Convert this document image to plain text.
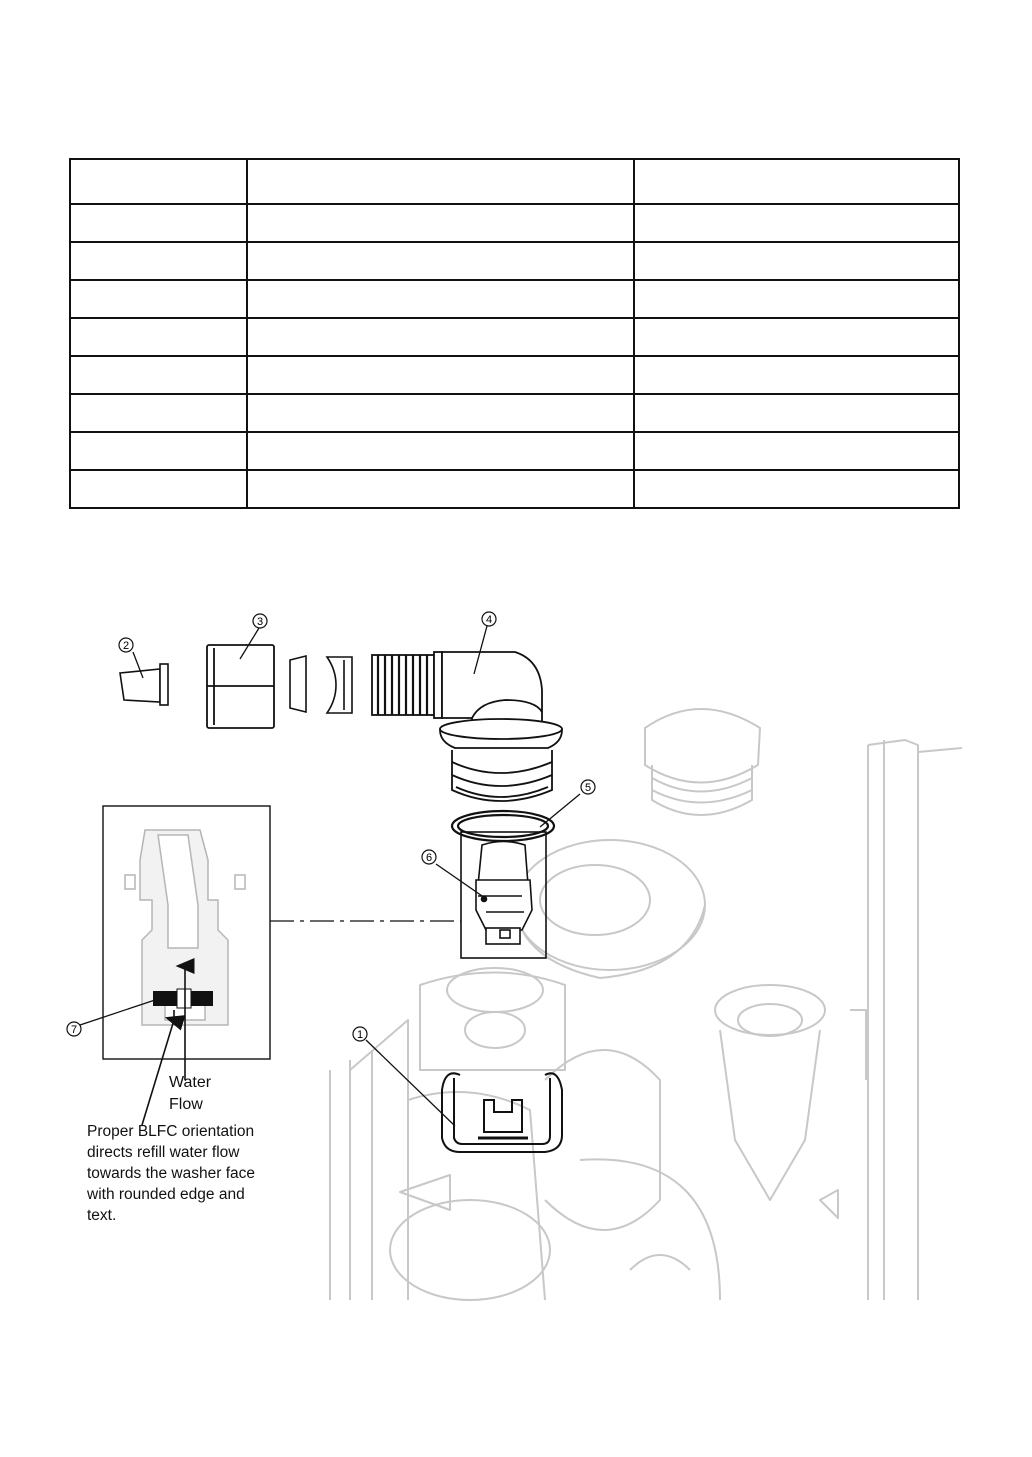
2
3	4
5
6
7	1
Water
Flow
Proper BLFC orientation
directs refill water flow
towards the washer face
with rounded edge and
text.
